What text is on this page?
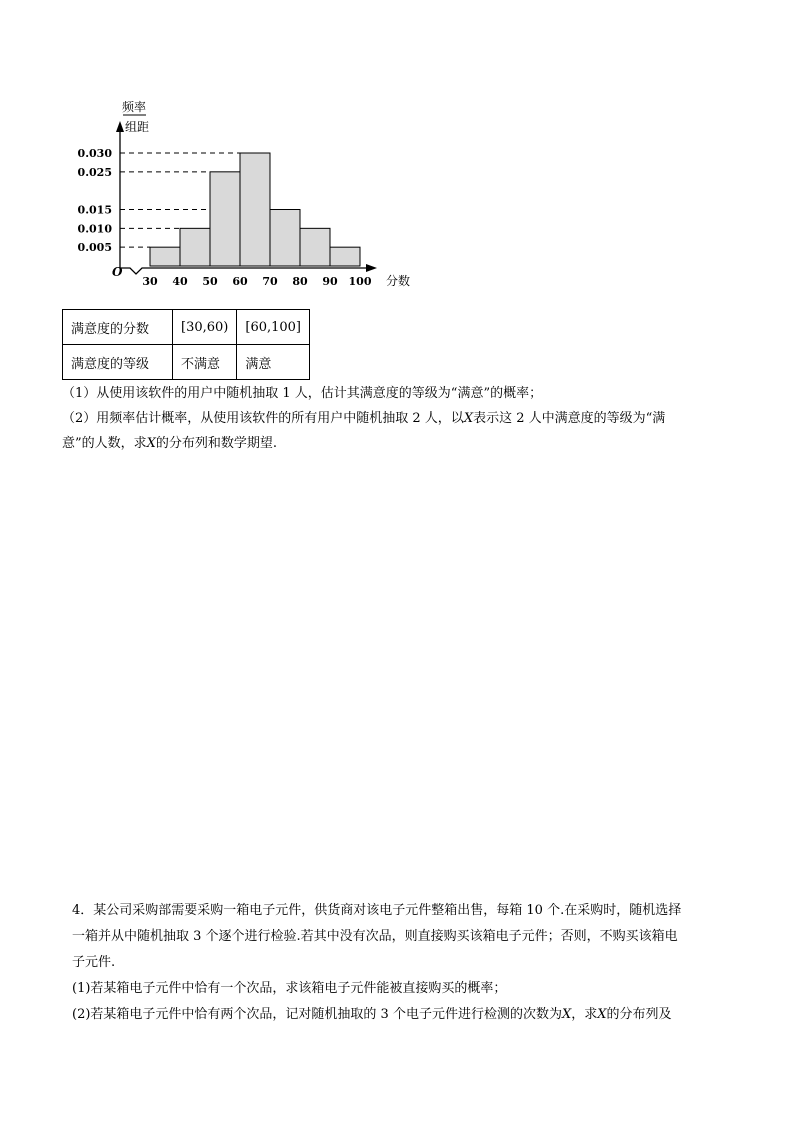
频率
组距
O
分数
0.005
0.010
0.015
0.025
0.030
30 40 50 60 70 80 90 100
满意度的分数	[30,60)	[60,100]
满意度的等级	不满意	满意

（1）从使用该软件的用户中随机抽取 1 人，估计其满意度的等级为“满意”的概率；

（2）用频率估计概率，从使用该软件的所有用户中随机抽取 2 人，以X表示这 2 人中满意度的等级为“满

意”的人数，求X的分布列和数学期望.

4．某公司采购部需要采购一箱电子元件，供货商对该电子元件整箱出售，每箱 10 个.在采购时，随机选择

一箱并从中随机抽取 3 个逐个进行检验.若其中没有次品，则直接购买该箱电子元件；否则，不购买该箱电

子元件.

(1)若某箱电子元件中恰有一个次品，求该箱电子元件能被直接购买的概率；

(2)若某箱电子元件中恰有两个次品，记对随机抽取的 3 个电子元件进行检测的次数为X，求X的分布列及
